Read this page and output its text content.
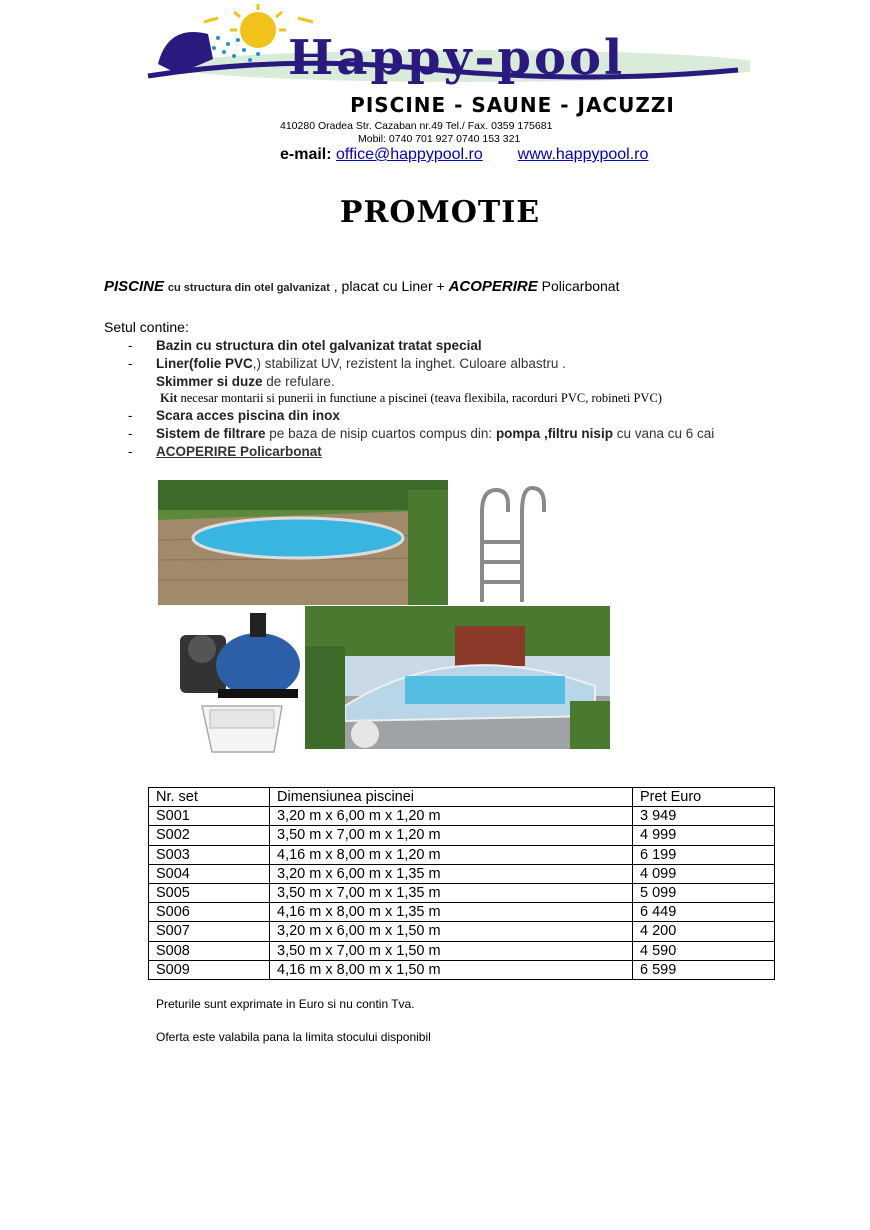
Happy-pool
PISCINE - SAUNE - JACUZZI
410280 Oradea Str. Cazaban nr.49 Tel./ Fax. 0359 175681
Mobil: 0740 701 927 0740 153 321
e-mail: office@happypool.ro www.happypool.ro
PROMOTIE
PISCINE cu structura din otel galvanizat , placat cu Liner + ACOPERIRE Policarbonat
Setul contine:
- Bazin cu structura din otel galvanizat tratat special
- Liner(folie PVC,) stabilizat UV, rezistent la inghet. Culoare albastru .
Skimmer si duze de refulare.
Kit necesar montarii si punerii in functiune a piscinei (teava flexibila, racorduri PVC, robineti PVC)
- Scara acces piscina din inox
- Sistem de filtrare pe baza de nisip cuartos compus din: pompa ,filtru nisip cu vana cu 6 cai
- ACOPERIRE Policarbonat
Nr. set	Dimensiunea piscinei	Pret Euro
S001	3,20 m x 6,00 m x 1,20 m	3 949
S002	3,50 m x 7,00 m x 1,20 m	4 999
S003	4,16 m x 8,00 m x 1,20 m	6 199
S004	3,20 m x 6,00 m x 1,35 m	4 099
S005	3,50 m x 7,00 m x 1,35 m	5 099
S006	4,16 m x 8,00 m x 1,35 m	6 449
S007	3,20 m x 6,00 m x 1,50 m	4 200
S008	3,50 m x 7,00 m x 1,50 m	4 590
S009	4,16 m x 8,00 m x 1,50 m	6 599
Preturile sunt exprimate in Euro si nu contin Tva.
Oferta este valabila pana la limita stocului disponibil
